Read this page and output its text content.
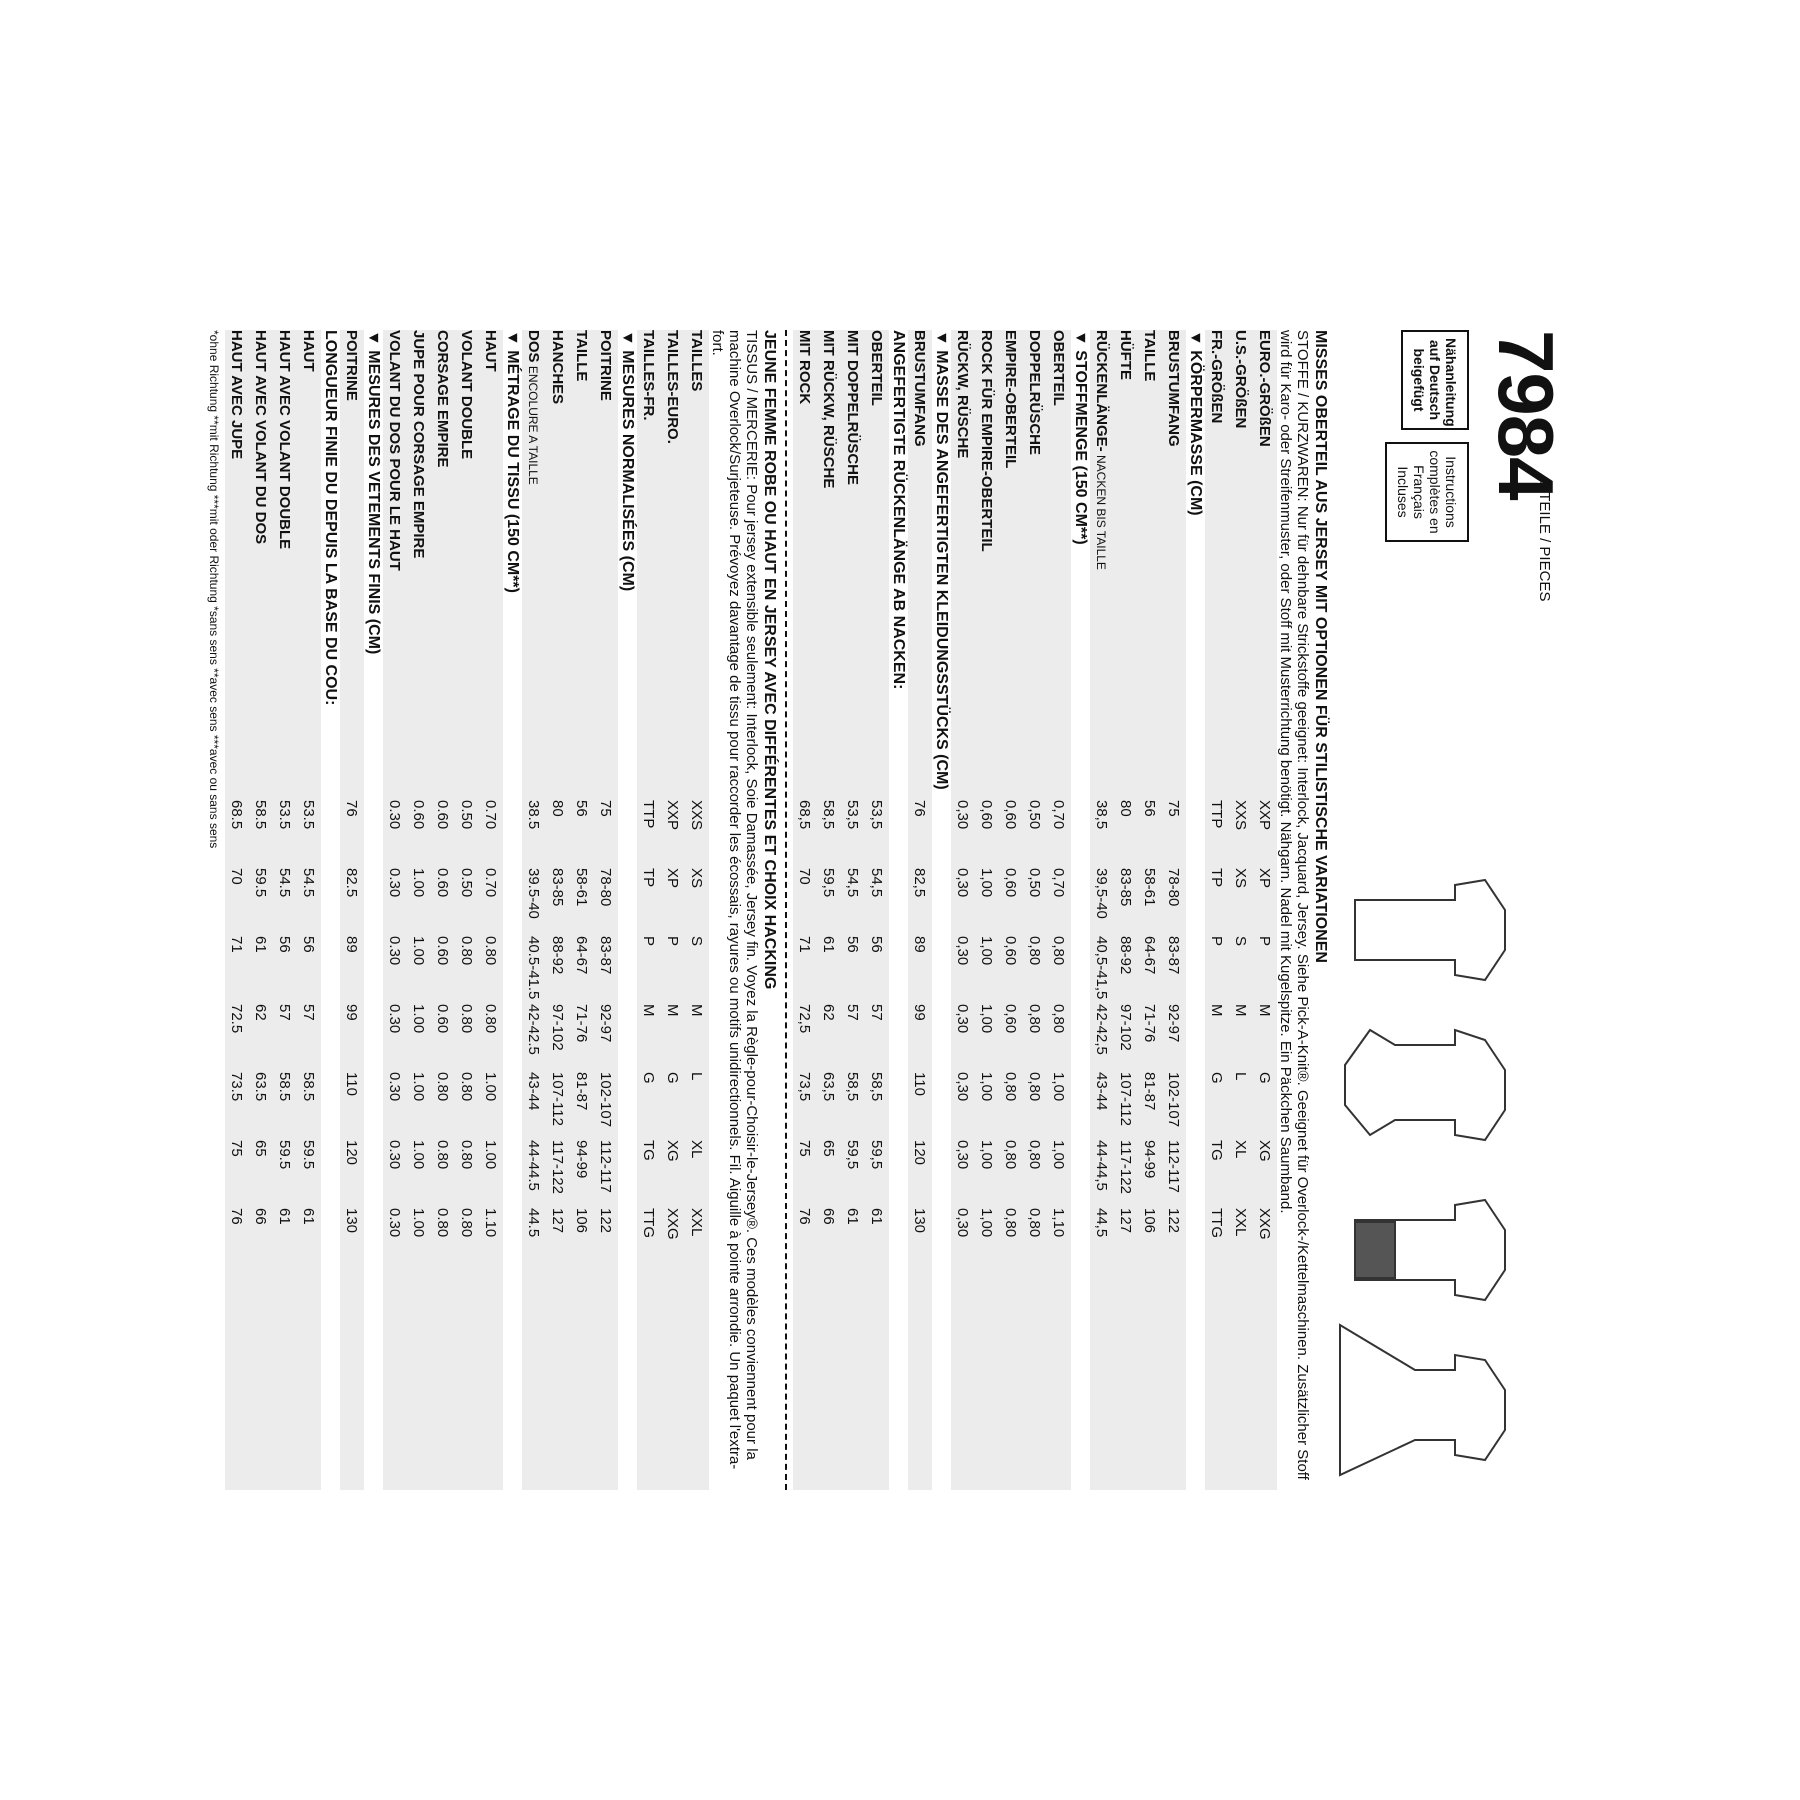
7984
9 TEILE / PIECES
Nähanleitung auf Deutsch beigefügt
Instructions complètes en Français Incluses
MISSES OBERTEIL AUS JERSEY MIT OPTIONEN FÜR STILISTISCHE VARIATIONEN
STOFFE / KURZWAREN: Nur für dehnbare Strickstoffe geeignet: Interlock, Jacquard, Jersey. Siehe Pick-A-Knit®. Geeignet für Overlock-/Kettelmaschinen. Zusätzlicher Stoff wird für Karo- oder Streifenmuster, oder Stoff mit Musterrichtung benötigt. Nähgarn. Nadel mit Kugelspitze. Ein Päckchen Saumband.
EURO.-GRÖßEN
XXP
XP
P
M
G
XG
XXG
U.S.-GRÖßEN
XXS
XS
S
M
L
XL
XXL
FR.-GRÖßEN
TTP
TP
P
M
G
TG
TTG
▼ KÖRPERMASSE (CM)
BRUSTUMFANG
75
78-80
83-87
92-97
102-107
112-117
122
TAILLE
56
58-61
64-67
71-76
81-87
94-99
106
HÜFTE
80
83-85
88-92
97-102
107-112
117-122
127
RÜCKENLÄNGE- NACKEN BIS TAILLE
38,5
39,5-40
40,5-41,5
42-42,5
43-44
44-44,5
44,5
▼ STOFFMENGE (150 CM**)
OBERTEIL
0,70
0,70
0,80
0,80
1,00
1,00
1,10
DOPPELRÜSCHE
0,50
0,50
0,80
0,80
0,80
0,80
0,80
EMPIRE-OBERTEIL
0,60
0,60
0,60
0,60
0,80
0,80
0,80
ROCK FÜR EMPIRE-OBERTEIL
0,60
1,00
1,00
1,00
1,00
1,00
1,00
RÜCKW, RÜSCHE
0,30
0,30
0,30
0,30
0,30
0,30
0,30
▼ MASSE DES ANGEFERTIGTEN KLEIDUNGSSTÜCKS (CM)
BRUSTUMFANG
76
82,5
89
99
110
120
130
ANGEFERTIGTE RÜCKENLÄNGE AB NACKEN:
OBERTEIL
53,5
54,5
56
57
58,5
59,5
61
MIT DOPPELRÜSCHE
53,5
54,5
56
57
58,5
59,5
61
MIT RÜCKW, RÜSCHE
58,5
59,5
61
62
63,5
65
66
MIT ROCK
68,5
70
71
72,5
73,5
75
76
JEUNE FEMME ROBE OU HAUT EN JERSEY AVEC DIFFÉRENTES ET CHOIX HACKING
TISSUS / MERCERIE: Pour jersey extensible seulement: Interlock, Soie Damassée, Jersey fin. Voyez la Règle-pour-Choisir-le-Jersey®. Ces modèles conviennent pour la machine Overlock/Surjeteuse. Prévoyez davantage de tissu pour raccorder les écossais, rayures ou motifs unidirectionnels. Fil. Aiguille à pointe arrondie. Un paquet l'extra-fort.
TAILLES
XXS
XS
S
M
L
XL
XXL
TAILLES-EURO.
XXP
XP
P
M
G
XG
XXG
TAILLES-FR.
TTP
TP
P
M
G
TG
TTG
▼ MESURES NORMALISÉES (CM)
POITRINE
75
78-80
83-87
92-97
102-107
112-117
122
TAILLE
56
58-61
64-67
71-76
81-87
94-99
106
HANCHES
80
83-85
88-92
97-102
107-112
117-122
127
DOS ENCOLURE A TAILLE
38.5
39.5-40
40.5-41.5
42-42.5
43-44
44-44.5
44.5
▼ MÉTRAGE DU TISSU (150 CM**)
HAUT
0.70
0.70
0.80
0.80
1.00
1.00
1.10
VOLANT DOUBLE
0.50
0.50
0.80
0.80
0.80
0.80
0.80
CORSAGE EMPIRE
0.60
0.60
0.60
0.60
0.80
0.80
0.80
JUPE POUR CORSAGE EMPIRE
0.60
1.00
1.00
1.00
1.00
1.00
1.00
VOLANT DU DOS POUR LE HAUT
0.30
0.30
0.30
0.30
0.30
0.30
0.30
▼ MESURES DES VETEMENTS FINIS (CM)
POITRINE
76
82.5
89
99
110
120
130
LONGUEUR FINIE DU DEPUIS LA BASE DU COU:
HAUT
53.5
54.5
56
57
58.5
59.5
61
HAUT AVEC VOLANT DOUBLE
53.5
54.5
56
57
58.5
59.5
61
HAUT AVEC VOLANT DU DOS
58.5
59.5
61
62
63.5
65
66
HAUT AVEC JUPE
68.5
70
71
72.5
73.5
75
76
*ohne Richtung **mit Richtung ***mit oder Richtung *sans sens **avec sens ***avec ou sans sens
